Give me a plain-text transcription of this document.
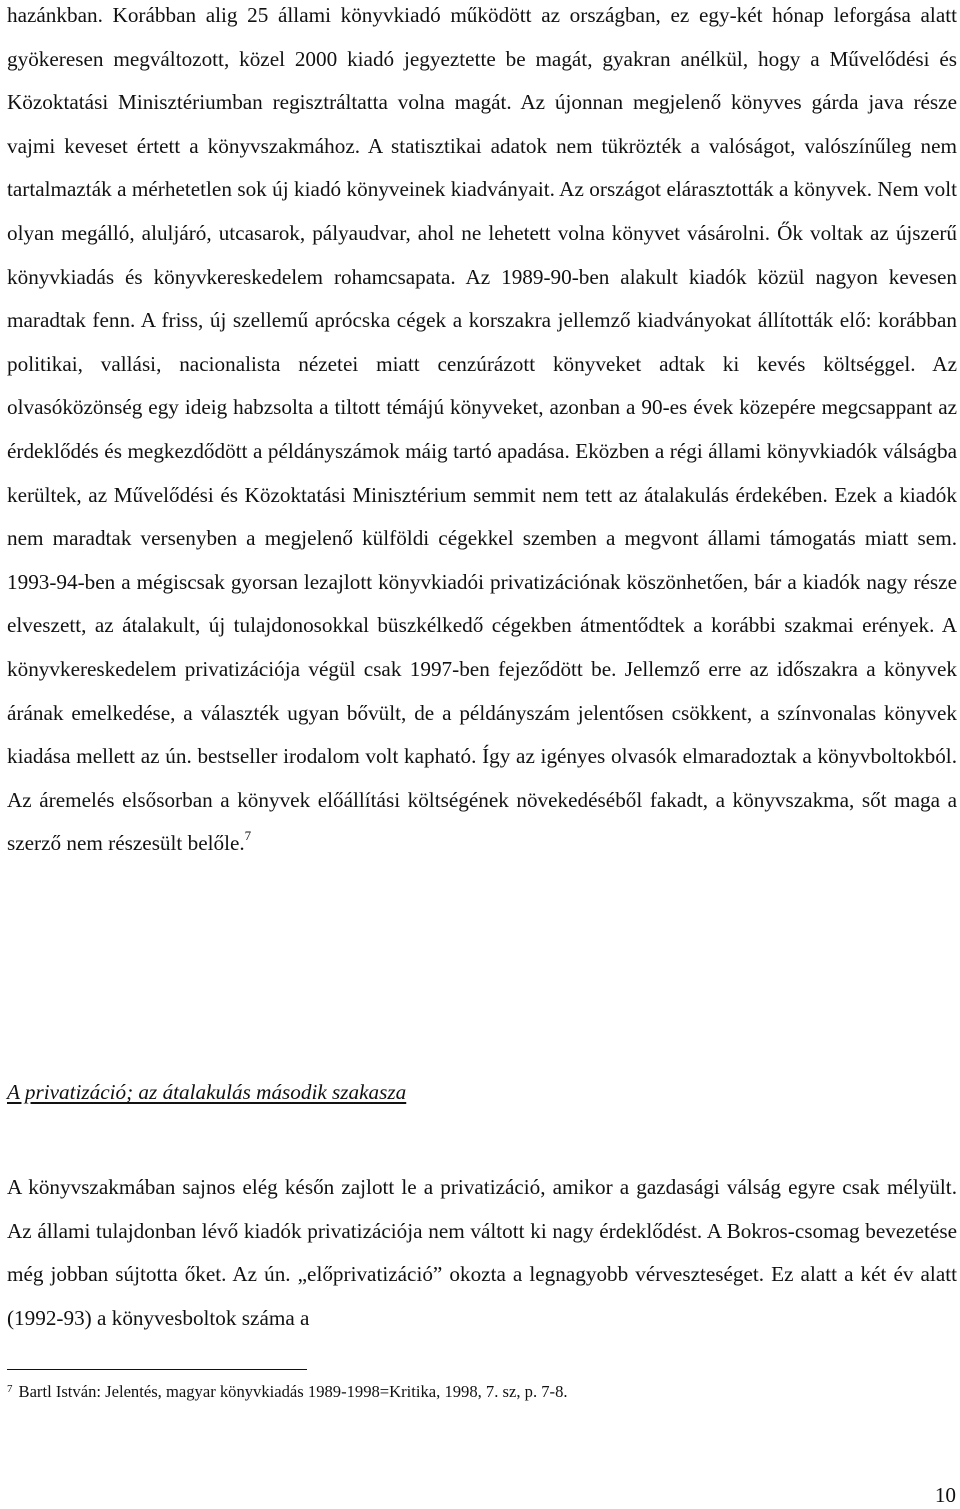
hazánkban. Korábban alig 25 állami könyvkiadó működött az országban, ez egy-két hónap leforgása alatt gyökeresen megváltozott, közel 2000 kiadó jegyeztette be magát, gyakran anélkül, hogy a Művelődési és Közoktatási Minisztériumban regisztráltatta volna magát. Az újonnan megjelenő könyves gárda java része vajmi keveset értett a könyvszakmához. A statisztikai adatok nem tükrözték a valóságot, valószínűleg nem tartalmazták a mérhetetlen sok új kiadó könyveinek kiadványait. Az országot elárasztották a könyvek. Nem volt olyan megálló, aluljáró, utcasarok, pályaudvar, ahol ne lehetett volna könyvet vásárolni. Ők voltak az újszerű könyvkiadás és könyvkereskedelem rohamcsapata. Az 1989-90-ben alakult kiadók közül nagyon kevesen maradtak fenn. A friss, új szellemű aprócska cégek a korszakra jellemző kiadványokat állították elő: korábban politikai, vallási, nacionalista nézetei miatt cenzúrázott könyveket adtak ki kevés költséggel. Az olvasóközönség egy ideig habzsolta a tiltott témájú könyveket, azonban a 90-es évek közepére megcsappant az érdeklődés és megkezdődött a példányszámok máig tartó apadása. Eközben a régi állami könyvkiadók válságba kerültek, az Művelődési és Közoktatási Minisztérium semmit nem tett az átalakulás érdekében. Ezek a kiadók nem maradtak versenyben a megjelenő külföldi cégekkel szemben a megvont állami támogatás miatt sem. 1993-94-ben a mégiscsak gyorsan lezajlott könyvkiadói privatizációnak köszönhetően, bár a kiadók nagy része elveszett, az átalakult, új tulajdonosokkal büszkélkedő cégekben átmentődtek a korábbi szakmai erények. A könyvkereskedelem privatizációja végül csak 1997-ben fejeződött be. Jellemző erre az időszakra a könyvek árának emelkedése, a választék ugyan bővült, de a példányszám jelentősen csökkent, a színvonalas könyvek kiadása mellett az ún. bestseller irodalom volt kapható. Így az igényes olvasók elmaradoztak a könyvboltokból. Az áremelés elsősorban a könyvek előállítási költségének növekedéséből fakadt, a könyvszakma, sőt maga a szerző nem részesült belőle.$^7$

A privatizáció; az átalakulás második szakasza

A könyvszakmában sajnos elég későn zajlott le a privatizáció, amikor a gazdasági válság egyre csak mélyült. Az állami tulajdonban lévő kiadók privatizációja nem váltott ki nagy érdeklődést. A Bokros-csomag bevezetése még jobban sújtotta őket. Az ún. „előprivatizáció” okozta a legnagyobb vérveszteséget. Ez alatt a két év alatt (1992-93) a könyvesboltok száma a

$^7$ Bartl István: Jelentés, magyar könyvkiadás 1989-1998=Kritika, 1998, 7. sz, p. 7-8.

10
